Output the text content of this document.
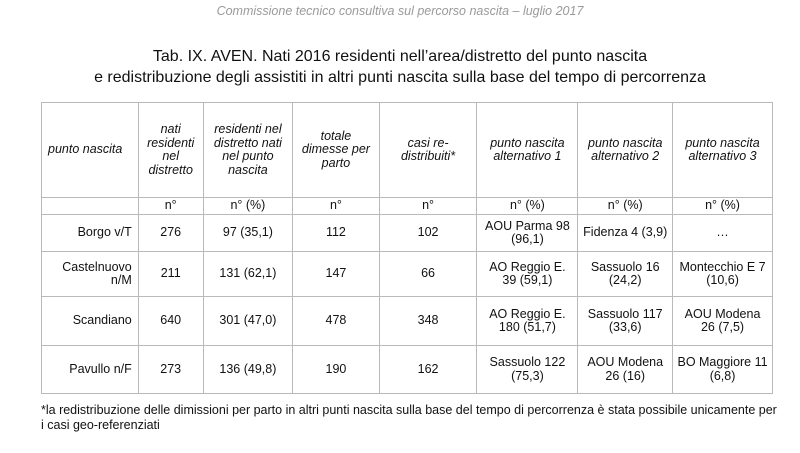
Commissione tecnico consultiva sul percorso nascita – luglio 2017
Tab. IX. AVEN. Nati 2016 residenti nell’area/distretto del punto nascita
e redistribuzione degli assistiti in altri punti nascita sulla base del tempo di percorrenza
punto nascita	nati residenti nel distretto	residenti nel distretto nati nel punto nascita	totale dimesse per parto	casi re-distribuiti*	punto nascita alternativo 1	punto nascita alternativo 2	punto nascita alternativo 3
	n°	n° (%)	n°	n°	n° (%)	n° (%)	n° (%)
Borgo v/T	276	97 (35,1)	112	102	AOU Parma 98 (96,1)	Fidenza 4 (3,9)	…
Castelnuovo n/M	211	131 (62,1)	147	66	AO Reggio E. 39 (59,1)	Sassuolo 16 (24,2)	Montecchio E 7 (10,6)
Scandiano	640	301 (47,0)	478	348	AO Reggio E. 180 (51,7)	Sassuolo 117 (33,6)	AOU Modena 26 (7,5)
Pavullo n/F	273	136 (49,8)	190	162	Sassuolo 122 (75,3)	AOU Modena 26 (16)	BO Maggiore 11 (6,8)
*la redistribuzione delle dimissioni per parto in altri punti nascita sulla base del tempo di percorrenza è stata possibile unicamente per i casi geo-referenziati
